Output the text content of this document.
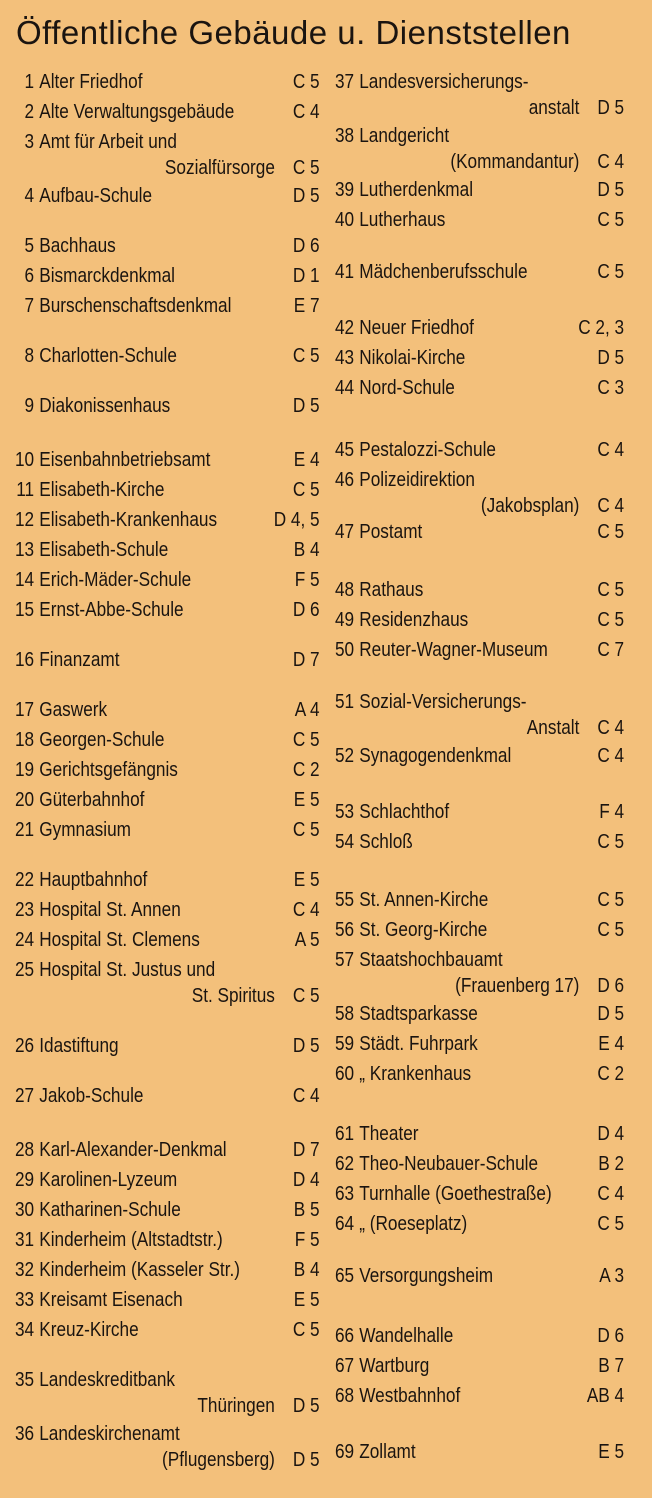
Öffentliche Gebäude u. Dienststellen
1 Alter Friedhof	C 5
2 Alte Verwaltungsgebäude	C 4
3 Amt für Arbeit und
Sozialfürsorge C 5
4 Aufbau-Schule	D 5
5 Bachhaus	D 6
6 Bismarckdenkmal	D 1
7 Burschenschaftsdenkmal	E 7
8 Charlotten-Schule	C 5
9 Diakonissenhaus	D 5
10 Eisenbahnbetriebsamt	E 4
11 Elisabeth-Kirche	C 5
12 Elisabeth-Krankenhaus	D 4, 5
13 Elisabeth-Schule	B 4
14 Erich-Mäder-Schule	F 5
15 Ernst-Abbe-Schule	D 6
16 Finanzamt	D 7
17 Gaswerk	A 4
18 Georgen-Schule	C 5
19 Gerichtsgefängnis	C 2
20 Güterbahnhof	E 5
21 Gymnasium	C 5
22 Hauptbahnhof	E 5
23 Hospital St. Annen	C 4
24 Hospital St. Clemens	A 5
25 Hospital St. Justus und
St. Spiritus C 5
26 Idastiftung	D 5
27 Jakob-Schule	C 4
28 Karl-Alexander-Denkmal	D 7
29 Karolinen-Lyzeum	D 4
30 Katharinen-Schule	B 5
31 Kinderheim (Altstadtstr.)	F 5
32 Kinderheim (Kasseler Str.)	B 4
33 Kreisamt Eisenach	E 5
34 Kreuz-Kirche	C 5
35 Landeskreditbank
Thüringen D 5
36 Landeskirchenamt
(Pflugensberg) D 5
37 Landesversicherungs-
anstalt D 5
38 Landgericht
(Kommandantur) C 4
39 Lutherdenkmal	D 5
40 Lutherhaus	C 5
41 Mädchenberufsschule	C 5
42 Neuer Friedhof	C 2, 3
43 Nikolai-Kirche	D 5
44 Nord-Schule	C 3
45 Pestalozzi-Schule	C 4
46 Polizeidirektion
(Jakobsplan) C 4
47 Postamt	C 5
48 Rathaus	C 5
49 Residenzhaus	C 5
50 Reuter-Wagner-Museum C 7
51 Sozial-Versicherungs-
Anstalt C 4
52 Synagogendenkmal	C 4
53 Schlachthof	F 4
54 Schloß	C 5
55 St. Annen-Kirche	C 5
56 St. Georg-Kirche	C 5
57 Staatshochbauamt
(Frauenberg 17) D 6
58 Stadtsparkasse	D 5
59 Städt. Fuhrpark	E 4
60 „ Krankenhaus	C 2
61 Theater	D 4
62 Theo-Neubauer-Schule	B 2
63 Turnhalle (Goethestraße) C 4
64 „ (Roeseplatz)	C 5
65 Versorgungsheim	A 3
66 Wandelhalle	D 6
67 Wartburg	B 7
68 Westbahnhof	AB 4
69 Zollamt	E 5
